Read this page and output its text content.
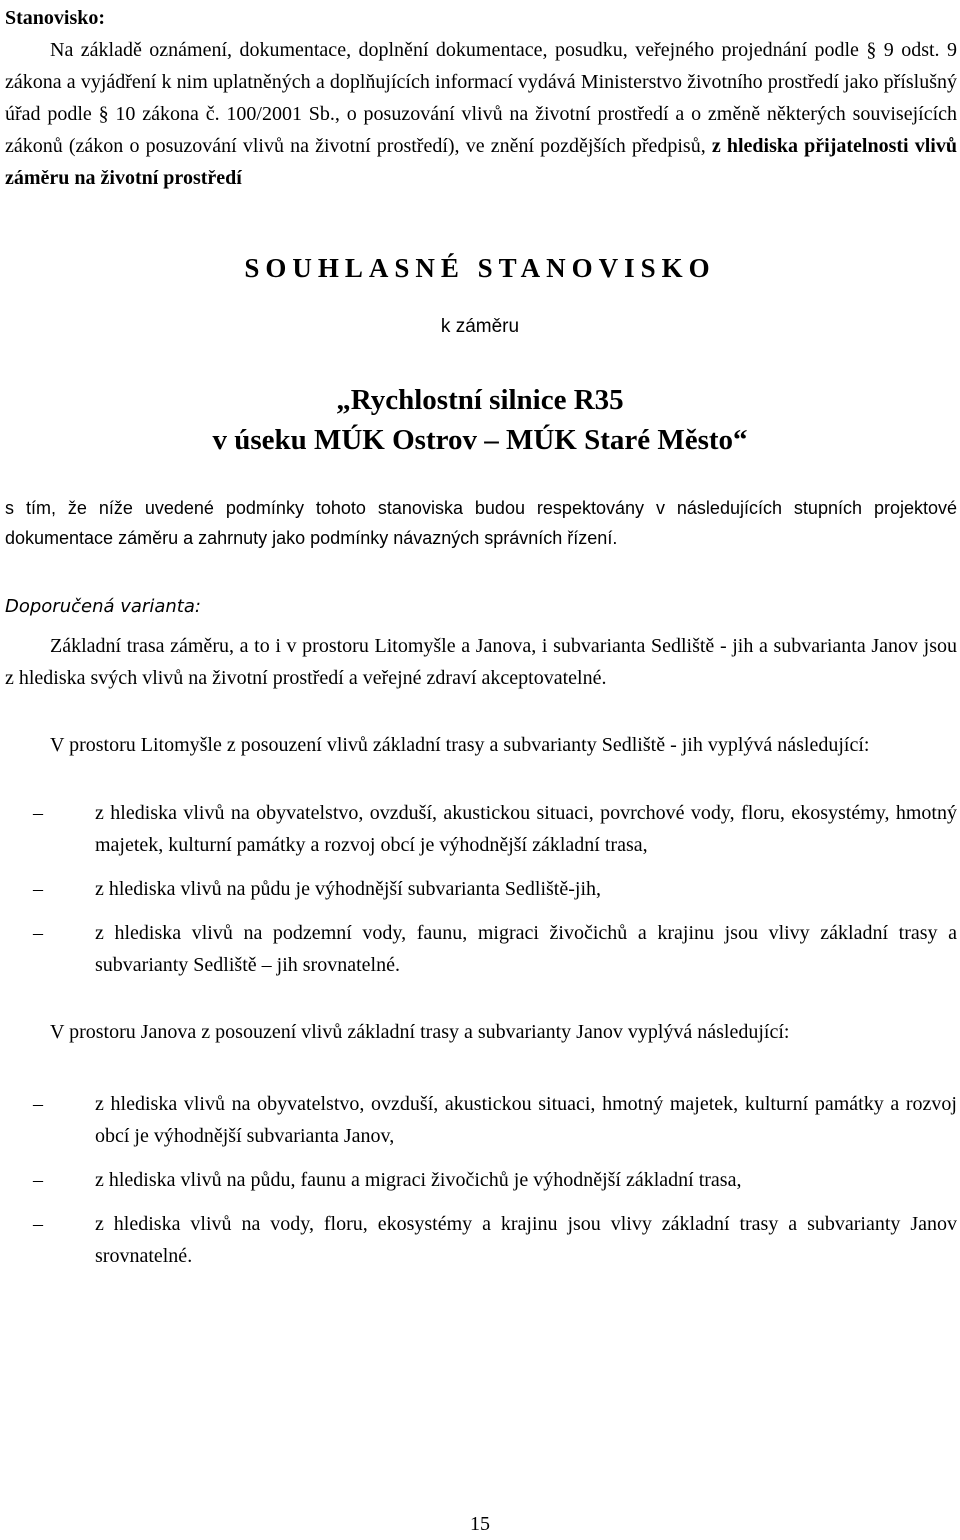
Stanovisko:

Na základě oznámení, dokumentace, doplnění dokumentace, posudku, veřejného projednání podle § 9 odst. 9 zákona a vyjádření k nim uplatněných a doplňujících informací vydává Ministerstvo životního prostředí jako příslušný úřad podle § 10 zákona č. 100/2001 Sb., o posuzování vlivů na životní prostředí a o změně některých souvisejících zákonů (zákon o posuzování vlivů na životní prostředí), ve znění pozdějších předpisů, z hlediska přijatelnosti vlivů záměru na životní prostředí

SOUHLASNÉ STANOVISKO
k záměru
„Rychlostní silnice R35
v úseku MÚK Ostrov – MÚK Staré Město“

s tím, že níže uvedené podmínky tohoto stanoviska budou respektovány v následujících stupních projektové dokumentace záměru a zahrnuty jako podmínky návazných správních řízení.

Doporučená varianta:

Základní trasa záměru, a to i v prostoru Litomyšle a Janova, i subvarianta Sedliště - jih a subvarianta Janov jsou z hlediska svých vlivů na životní prostředí a veřejné zdraví akceptovatelné.

V prostoru Litomyšle z posouzení vlivů základní trasy a subvarianty Sedliště - jih vyplývá následující:

– z hlediska vlivů na obyvatelstvo, ovzduší, akustickou situaci, povrchové vody, floru, ekosystémy, hmotný majetek, kulturní památky a rozvoj obcí je výhodnější základní trasa,
– z hlediska vlivů na půdu je výhodnější subvarianta Sedliště-jih,
– z hlediska vlivů na podzemní vody, faunu, migraci živočichů a krajinu jsou vlivy základní trasy a subvarianty Sedliště – jih srovnatelné.

V prostoru Janova z posouzení vlivů základní trasy a subvarianty Janov vyplývá následující:

– z hlediska vlivů na obyvatelstvo, ovzduší, akustickou situaci, hmotný majetek, kulturní památky a rozvoj obcí je výhodnější subvarianta Janov,
– z hlediska vlivů na půdu, faunu a migraci živočichů je výhodnější základní trasa,
– z hlediska vlivů na vody, floru, ekosystémy a krajinu jsou vlivy základní trasy a subvarianty Janov srovnatelné.
15
